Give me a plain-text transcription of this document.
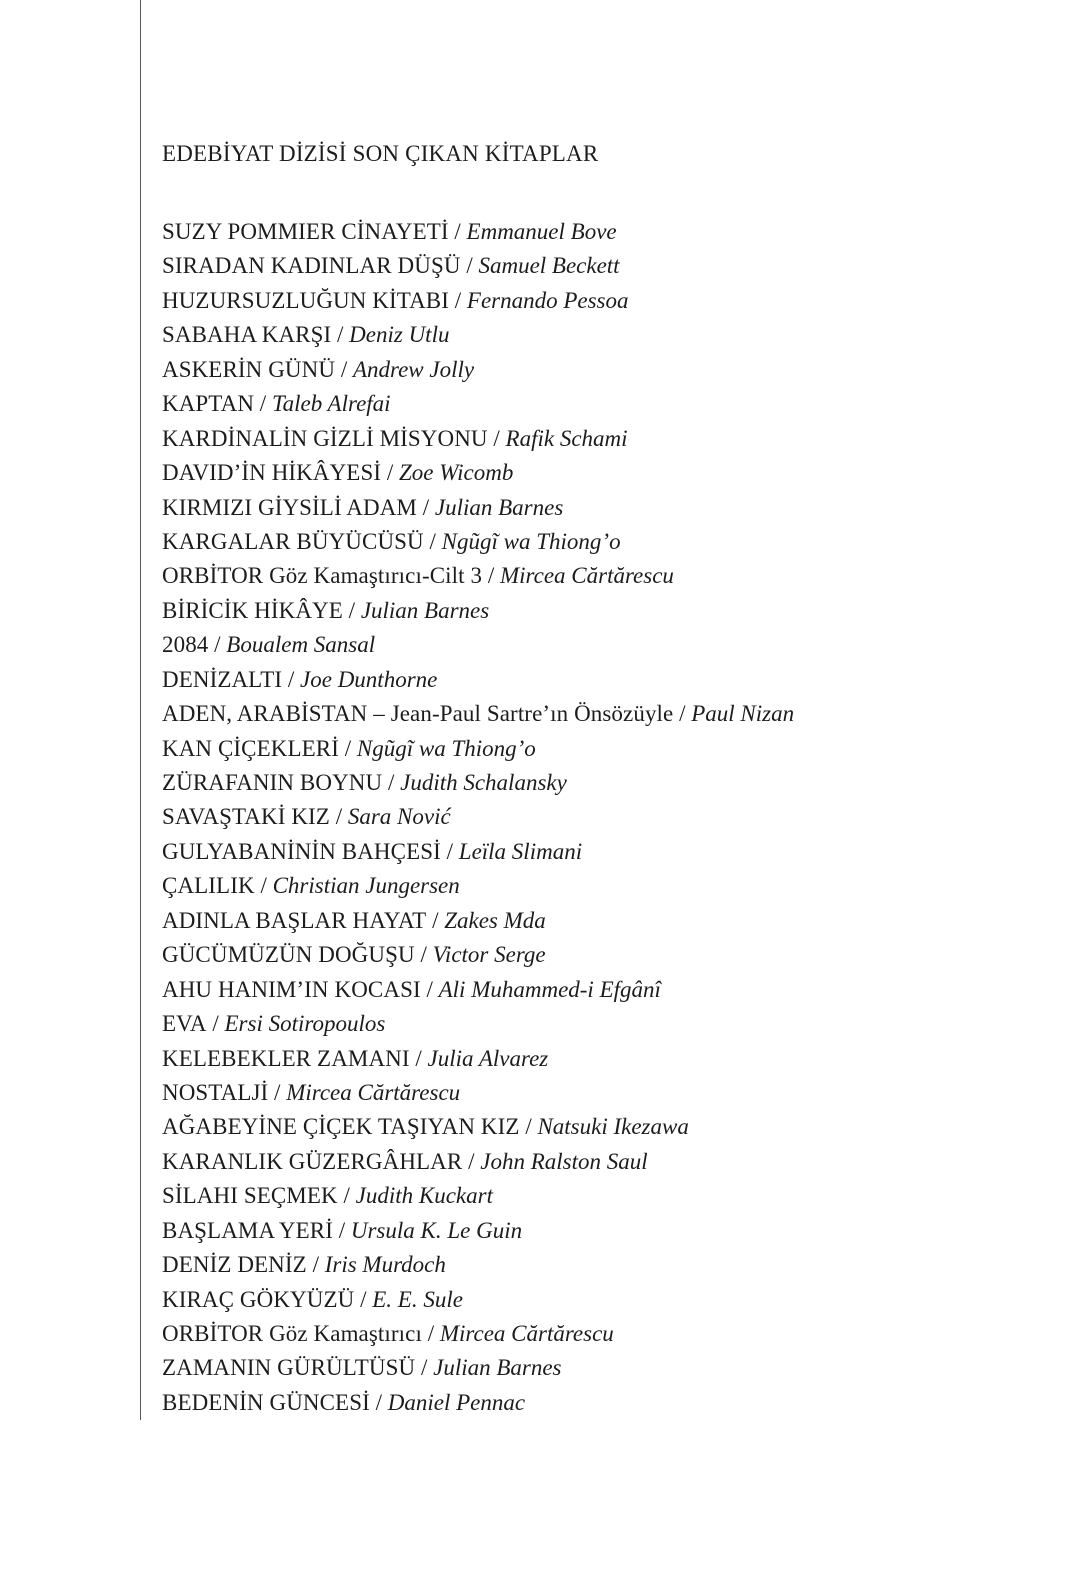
EDEBİYAT DİZİSİ SON ÇIKAN KİTAPLAR
SUZY POMMIER CİNAYETİ / Emmanuel Bove
SIRADAN KADINLAR DÜŞÜ / Samuel Beckett
HUZURSUZLUĞUN KİTABI / Fernando Pessoa
SABAHA KARŞI / Deniz Utlu
ASKERİN GÜNÜ / Andrew Jolly
KAPTAN / Taleb Alrefai
KARDİNALİN GİZLİ MİSYONU / Rafik Schami
DAVID’İN HİKÂYESİ / Zoe Wicomb
KIRMIZI GİYSİLİ ADAM / Julian Barnes
KARGALAR BÜYÜCÜSÜ / Ngũgĩ wa Thiong’o
ORBİTOR Göz Kamaştırıcı-Cilt 3 / Mircea Cărtărescu
BİRİCİK HİKÂYE / Julian Barnes
2084 / Boualem Sansal
DENİZALTI / Joe Dunthorne
ADEN, ARABİSTAN – Jean-Paul Sartre’ın Önsözüyle / Paul Nizan
KAN ÇİÇEKLERİ / Ngũgĩ wa Thiong’o
ZÜRAFANIN BOYNU / Judith Schalansky
SAVAŞTAKİ KIZ / Sara Nović
GULYABANİNİN BAHÇESİ / Leïla Slimani
ÇALILIK / Christian Jungersen
ADINLA BAŞLAR HAYAT / Zakes Mda
GÜCÜMÜZÜN DOĞUŞU / Victor Serge
AHU HANIM’IN KOCASI / Ali Muhammed-i Efgânî
EVA / Ersi Sotiropoulos
KELEBEKLER ZAMANI / Julia Alvarez
NOSTALJİ / Mircea Cărtărescu
AĞABEYİNE ÇİÇEK TAŞIYAN KIZ / Natsuki Ikezawa
KARANLIK GÜZERGÂHLAR / John Ralston Saul
SİLAHI SEÇMEK / Judith Kuckart
BAŞLAMA YERİ / Ursula K. Le Guin
DENİZ DENİZ / Iris Murdoch
KIRAÇ GÖKYÜZÜ / E. E. Sule
ORBİTOR Göz Kamaştırıcı / Mircea Cărtărescu
ZAMANIN GÜRÜLTÜSÜ / Julian Barnes
BEDENİN GÜNCESİ / Daniel Pennac
